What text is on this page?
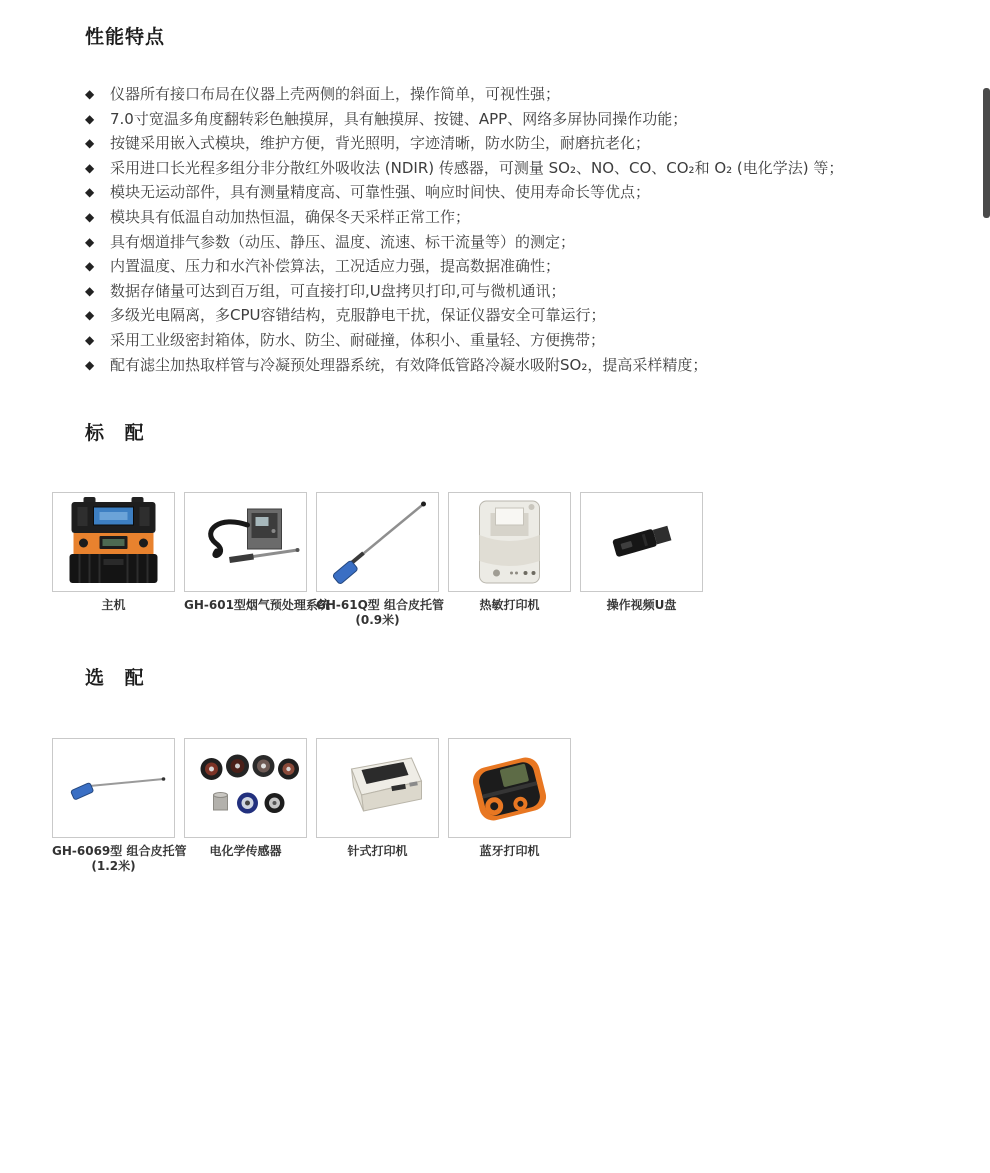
性能特点
◆	仪器所有接口布局在仪器上壳两侧的斜面上，操作简单，可视性强；
◆	7.0寸宽温多角度翻转彩色触摸屏，具有触摸屏、按键、APP、网络多屏协同操作功能；
◆	按键采用嵌入式模块，维护方便，背光照明，字迹清晰，防水防尘，耐磨抗老化；
◆	采用进口长光程多组分非分散红外吸收法 (NDIR) 传感器，可测量 SO₂、NO、CO、CO₂和 O₂ (电化学法) 等；
◆	模块无运动部件，具有测量精度高、可靠性强、响应时间快、使用寿命长等优点；
◆	模块具有低温自动加热恒温，确保冬天采样正常工作；
◆	具有烟道排气参数（动压、静压、温度、流速、标干流量等）的测定；
◆	内置温度、压力和水汽补偿算法，工况适应力强，提高数据准确性；
◆	数据存储量可达到百万组，可直接打印,U盘拷贝打印,可与微机通讯；
◆	多级光电隔离，多CPU容错结构，克服静电干扰，保证仪器安全可靠运行；
◆	采用工业级密封箱体，防水、防尘、耐碰撞，体积小、重量轻、方便携带；
◆	配有滤尘加热取样管与冷凝预处理器系统，有效降低管路冷凝水吸附SO₂，提高采样精度；
标 配
主机	GH-601型烟气预处理系统
GH-61Q型 组合皮托管
(0.9米)
热敏打印机	操作视频U盘
选 配
GH-6069型 组合皮托管
(1.2米)
电化学传感器	针式打印机	蓝牙打印机
